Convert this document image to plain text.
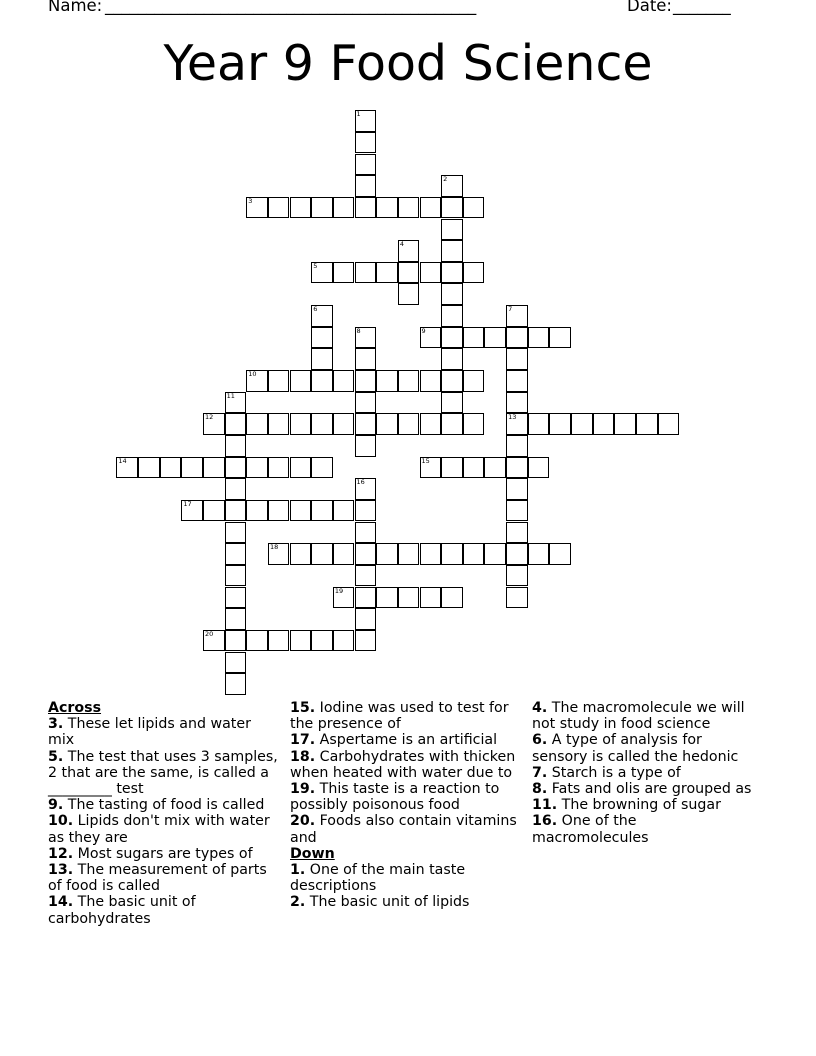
Name: _____________________________________________	Date: _______
Year 9 Food Science
1
2
3
4
5
6	7
13
8	9
10
11
12
14	15
16
17
18
19
20
Across
3. These let lipids and water mix
5. The test that uses 3 samples, 2 that are the same, is called a _________ test
9. The tasting of food is called
10. Lipids don't mix with water as they are
12. Most sugars are types of
13. The measurement of parts of food is called
14. The basic unit of carbohydrates
15. Iodine was used to test for the presence of
17. Aspertame is an artificial
18. Carbohydrates with thicken when heated with water due to
19. This taste is a reaction to possibly poisonous food
20. Foods also contain vitamins and
Down
1. One of the main taste descriptions
2. The basic unit of lipids
4. The macromolecule we will not study in food science
6. A type of analysis for sensory is called the hedonic
7. Starch is a type of
8. Fats and olis are grouped as
11. The browning of sugar
16. One of the macromolecules
